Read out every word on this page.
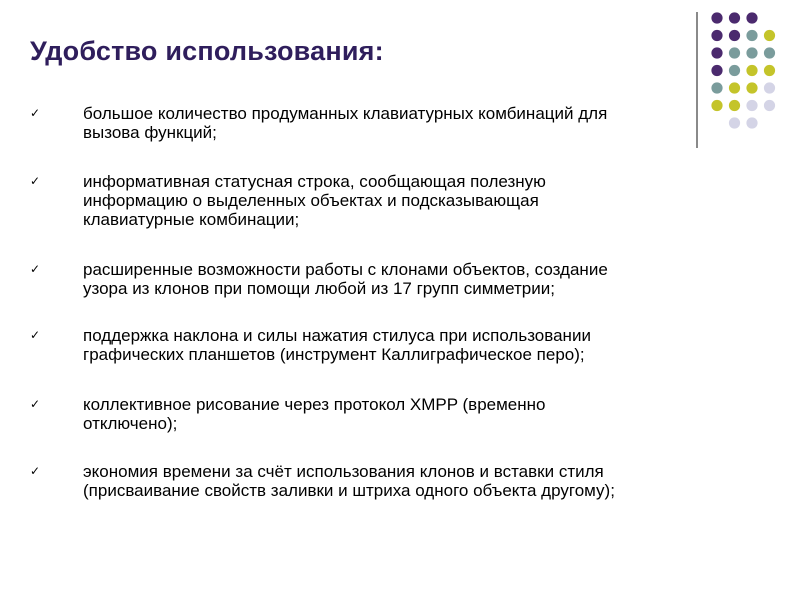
Удобство использования:
✓	большое количество продуманных клавиатурных комбинаций для
вызова функций;
✓	информативная статусная строка, сообщающая полезную
информацию о выделенных объектах и подсказывающая
клавиатурные комбинации;
✓	расширенные возможности работы с клонами объектов, создание
узора из клонов при помощи любой из 17 групп симметрии;
✓	поддержка наклона и силы нажатия стилуса при использовании
графических планшетов (инструмент Каллиграфическое перо);
✓	коллективное рисование через протокол XMPP (временно
отключено);
✓	экономия времени за счёт использования клонов и вставки стиля
(присваивание свойств заливки и штриха одного объекта другому);
